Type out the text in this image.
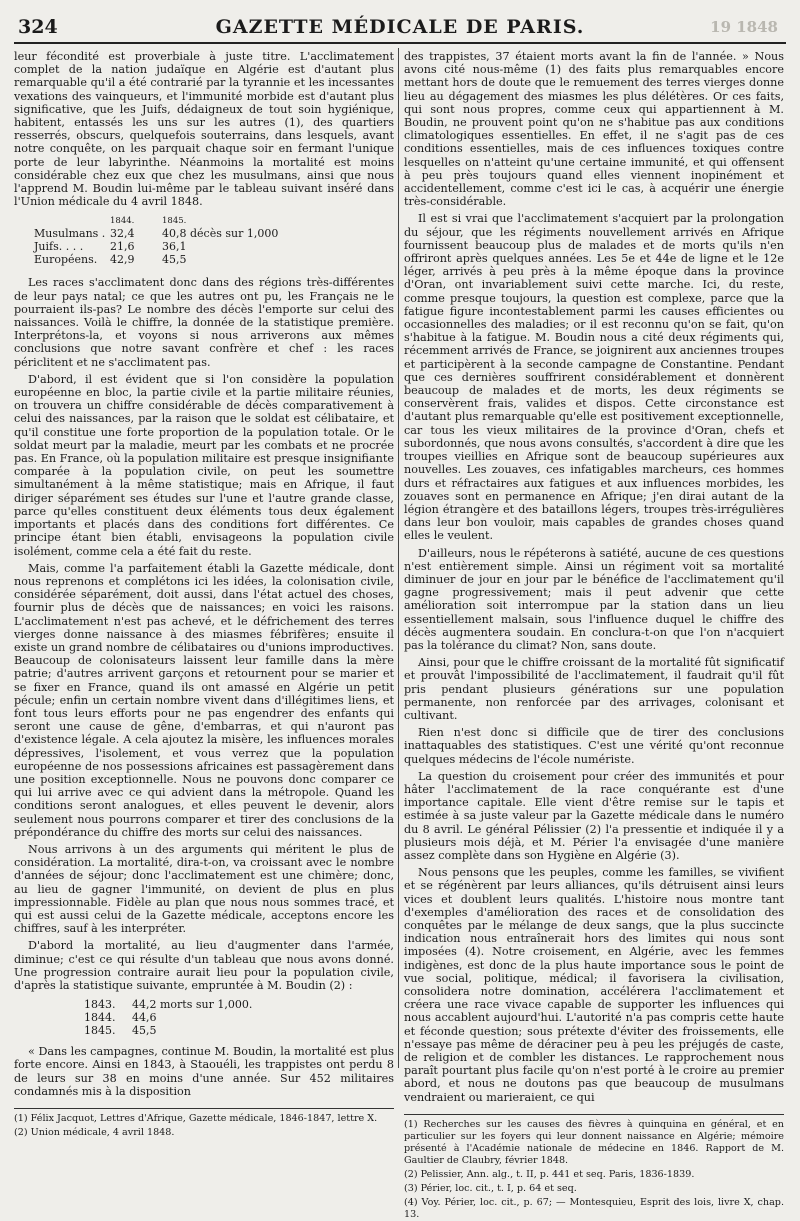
324	GAZETTE MÉDICALE DE PARIS.	19 1848

leur fécondité est proverbiale à juste titre. L'acclimatement complet de la nation judaïque en Algérie est d'autant plus remarquable qu'il a été contrarié par la tyrannie et les incessantes vexations des vainqueurs, et l'immunité morbide est d'autant plus significative, que les Juifs, dédaigneux de tout soin hygiénique, habitent, entassés les uns sur les autres (1), des quartiers resserrés, obscurs, quelquefois souterrains, dans lesquels, avant notre conquête, on les parquait chaque soir en fermant l'unique porte de leur labyrinthe. Néanmoins la mortalité est moins considérable chez eux que chez les musulmans, ainsi que nous l'apprend M. Boudin lui-même par le tableau suivant inséré dans l'Union médicale du 4 avril 1848.

1844.	1845.
Musulmans . 32,4	40,8 décès sur 1,000
Juifs. . . .	21,6	36,1
Européens.	42,9	45,5

Les races s'acclimatent donc dans des régions très-différentes de leur pays natal; ce que les autres ont pu, les Français ne le pourraient ils-pas? Le nombre des décès l'emporte sur celui des naissances. Voilà le chiffre, la donnée de la statistique première. Interprétons-la, et voyons si nous arriverons aux mêmes conclusions que notre savant confrère et chef : les races périclitent et ne s'acclimatent pas.

D'abord, il est évident que si l'on considère la population européenne en bloc, la partie civile et la partie militaire réunies, on trouvera un chiffre considérable de décès comparativement à celui des naissances, par la raison que le soldat est célibataire, et qu'il constitue une forte proportion de la population totale. Or le soldat meurt par la maladie, meurt par les combats et ne procrée pas. En France, où la population militaire est presque insignifiante comparée à la population civile, on peut les soumettre simultanément à la même statistique; mais en Afrique, il faut diriger séparément ses études sur l'une et l'autre grande classe, parce qu'elles constituent deux éléments tous deux également importants et placés dans des conditions fort différentes. Ce principe étant bien établi, envisageons la population civile isolément, comme cela a été fait du reste.

Mais, comme l'a parfaitement établi la Gazette médicale, dont nous reprenons et complétons ici les idées, la colonisation civile, considérée séparément, doit aussi, dans l'état actuel des choses, fournir plus de décès que de naissances; en voici les raisons. L'acclimatement n'est pas achevé, et le défrichement des terres vierges donne naissance à des miasmes fébrifères; ensuite il existe un grand nombre de célibataires ou d'unions improductives. Beaucoup de colonisateurs laissent leur famille dans la mère patrie; d'autres arrivent garçons et retournent pour se marier et se fixer en France, quand ils ont amassé en Algérie un petit pécule; enfin un certain nombre vivent dans d'illégitimes liens, et font tous leurs efforts pour ne pas engendrer des enfants qui seront une cause de gêne, d'embarras, et qui n'auront pas d'existence légale. A cela ajoutez la misère, les influences morales dépressives, l'isolement, et vous verrez que la population européenne de nos possessions africaines est passagèrement dans une position exceptionnelle. Nous ne pouvons donc comparer ce qui lui arrive avec ce qui advient dans la métropole. Quand les conditions seront analogues, et elles peuvent le devenir, alors seulement nous pourrons comparer et tirer des conclusions de la prépondérance du chiffre des morts sur celui des naissances.

Nous arrivons à un des arguments qui méritent le plus de considération. La mortalité, dira-t-on, va croissant avec le nombre d'années de séjour; donc l'acclimatement est une chimère; donc, au lieu de gagner l'immunité, on devient de plus en plus impressionnable. Fidèle au plan que nous nous sommes tracé, et qui est aussi celui de la Gazette médicale, acceptons encore les chiffres, sauf à les interpréter.

D'abord la mortalité, au lieu d'augmenter dans l'armée, diminue; c'est ce qui résulte d'un tableau que nous avons donné. Une progression contraire aurait lieu pour la population civile, d'après la statistique suivante, empruntée à M. Boudin (2) :

1843.	44,2 morts sur 1,000.
1844.	44,6
1845.	45,5

« Dans les campagnes, continue M. Boudin, la mortalité est plus forte encore. Ainsi en 1843, à Staouéli, les trappistes ont perdu 8 de leurs sur 38 en moins d'une année. Sur 452 militaires condamnés mis à la disposition

(1) Félix Jacquot, Lettres d'Afrique, Gazette médicale, 1846-1847, lettre X.

(2) Union médicale, 4 avril 1848.

des trappistes, 37 étaient morts avant la fin de l'année. » Nous avons cité nous-même (1) des faits plus remarquables encore mettant hors de doute que le remuement des terres vierges donne lieu au dégagement des miasmes les plus délétères. Or ces faits, qui sont nous propres, comme ceux qui appartiennent à M. Boudin, ne prouvent point qu'on ne s'habitue pas aux conditions climatologiques essentielles. En effet, il ne s'agit pas de ces conditions essentielles, mais de ces influences toxiques contre lesquelles on n'atteint qu'une certaine immunité, et qui offensent à peu près toujours quand elles viennent inopinément et accidentellement, comme c'est ici le cas, à acquérir une énergie très-considérable.

Il est si vrai que l'acclimatement s'acquiert par la prolongation du séjour, que les régiments nouvellement arrivés en Afrique fournissent beaucoup plus de malades et de morts qu'ils n'en offriront après quelques années. Les 5e et 44e de ligne et le 12e léger, arrivés à peu près à la même époque dans la province d'Oran, ont invariablement suivi cette marche. Ici, du reste, comme presque toujours, la question est complexe, parce que la fatigue figure incontestablement parmi les causes efficientes ou occasionnelles des maladies; or il est reconnu qu'on se fait, qu'on s'habitue à la fatigue. M. Boudin nous a cité deux régiments qui, récemment arrivés de France, se joignirent aux anciennes troupes et participèrent à la seconde campagne de Constantine. Pendant que ces dernières souffrirent considérablement et donnèrent beaucoup de malades et de morts, les deux régiments se conservèrent frais, valides et dispos. Cette circonstance est d'autant plus remarquable qu'elle est positivement exceptionnelle, car tous les vieux militaires de la province d'Oran, chefs et subordonnés, que nous avons consultés, s'accordent à dire que les troupes vieillies en Afrique sont de beaucoup supérieures aux nouvelles. Les zouaves, ces infatigables marcheurs, ces hommes durs et réfractaires aux fatigues et aux influences morbides, les zouaves sont en permanence en Afrique; j'en dirai autant de la légion étrangère et des bataillons légers, troupes très-irrégulières dans leur bon vouloir, mais capables de grandes choses quand elles le veulent.

D'ailleurs, nous le répéterons à satiété, aucune de ces questions n'est entièrement simple. Ainsi un régiment voit sa mortalité diminuer de jour en jour par le bénéfice de l'acclimatement qu'il gagne progressivement; mais il peut advenir que cette amélioration soit interrompue par la station dans un lieu essentiellement malsain, sous l'influence duquel le chiffre des décès augmentera soudain. En conclura-t-on que l'on n'acquiert pas la tolérance du climat? Non, sans doute.

Ainsi, pour que le chiffre croissant de la mortalité fût significatif et prouvât l'impossibilité de l'acclimatement, il faudrait qu'il fût pris pendant plusieurs générations sur une population permanente, non renforcée par des arrivages, colonisant et cultivant.

Rien n'est donc si difficile que de tirer des conclusions inattaquables des statistiques. C'est une vérité qu'ont reconnue quelques médecins de l'école numériste.

La question du croisement pour créer des immunités et pour hâter l'acclimatement de la race conquérante est d'une importance capitale. Elle vient d'être remise sur le tapis et estimée à sa juste valeur par la Gazette médicale dans le numéro du 8 avril. Le général Pélissier (2) l'a pressentie et indiquée il y a plusieurs mois déjà, et M. Périer l'a envisagée d'une manière assez complète dans son Hygiène en Algérie (3).

Nous pensons que les peuples, comme les familles, se vivifient et se régénèrent par leurs alliances, qu'ils détruisent ainsi leurs vices et doublent leurs qualités. L'histoire nous montre tant d'exemples d'amélioration des races et de consolidation des conquêtes par le mélange de deux sangs, que la plus succincte indication nous entraînerait hors des limites qui nous sont imposées (4). Notre croisement, en Algérie, avec les femmes indigènes, est donc de la plus haute importance sous le point de vue social, politique, médical; il favorisera la civilisation, consolidera notre domination, accélérera l'acclimatement et créera une race vivace capable de supporter les influences qui nous accablent aujourd'hui. L'autorité n'a pas compris cette haute et féconde question; sous prétexte d'éviter des froissements, elle n'essaye pas même de déraciner peu à peu les préjugés de caste, de religion et de combler les distances. Le rapprochement nous paraît pourtant plus facile qu'on n'est porté à le croire au premier abord, et nous ne doutons pas que beaucoup de musulmans vendraient ou marieraient, ce qui

(1) Recherches sur les causes des fièvres à quinquina en général, et en particulier sur les foyers qui leur donnent naissance en Algérie; mémoire présenté à l'Académie nationale de médecine en 1846. Rapport de M. Gaultier de Claubry, février 1848.

(2) Pelissier, Ann. alg., t. II, p. 441 et seq. Paris, 1836-1839.

(3) Périer, loc. cit., t. I, p. 64 et seq.

(4) Voy. Périer, loc. cit., p. 67; — Montesquieu, Esprit des lois, livre X, chap. 13.
